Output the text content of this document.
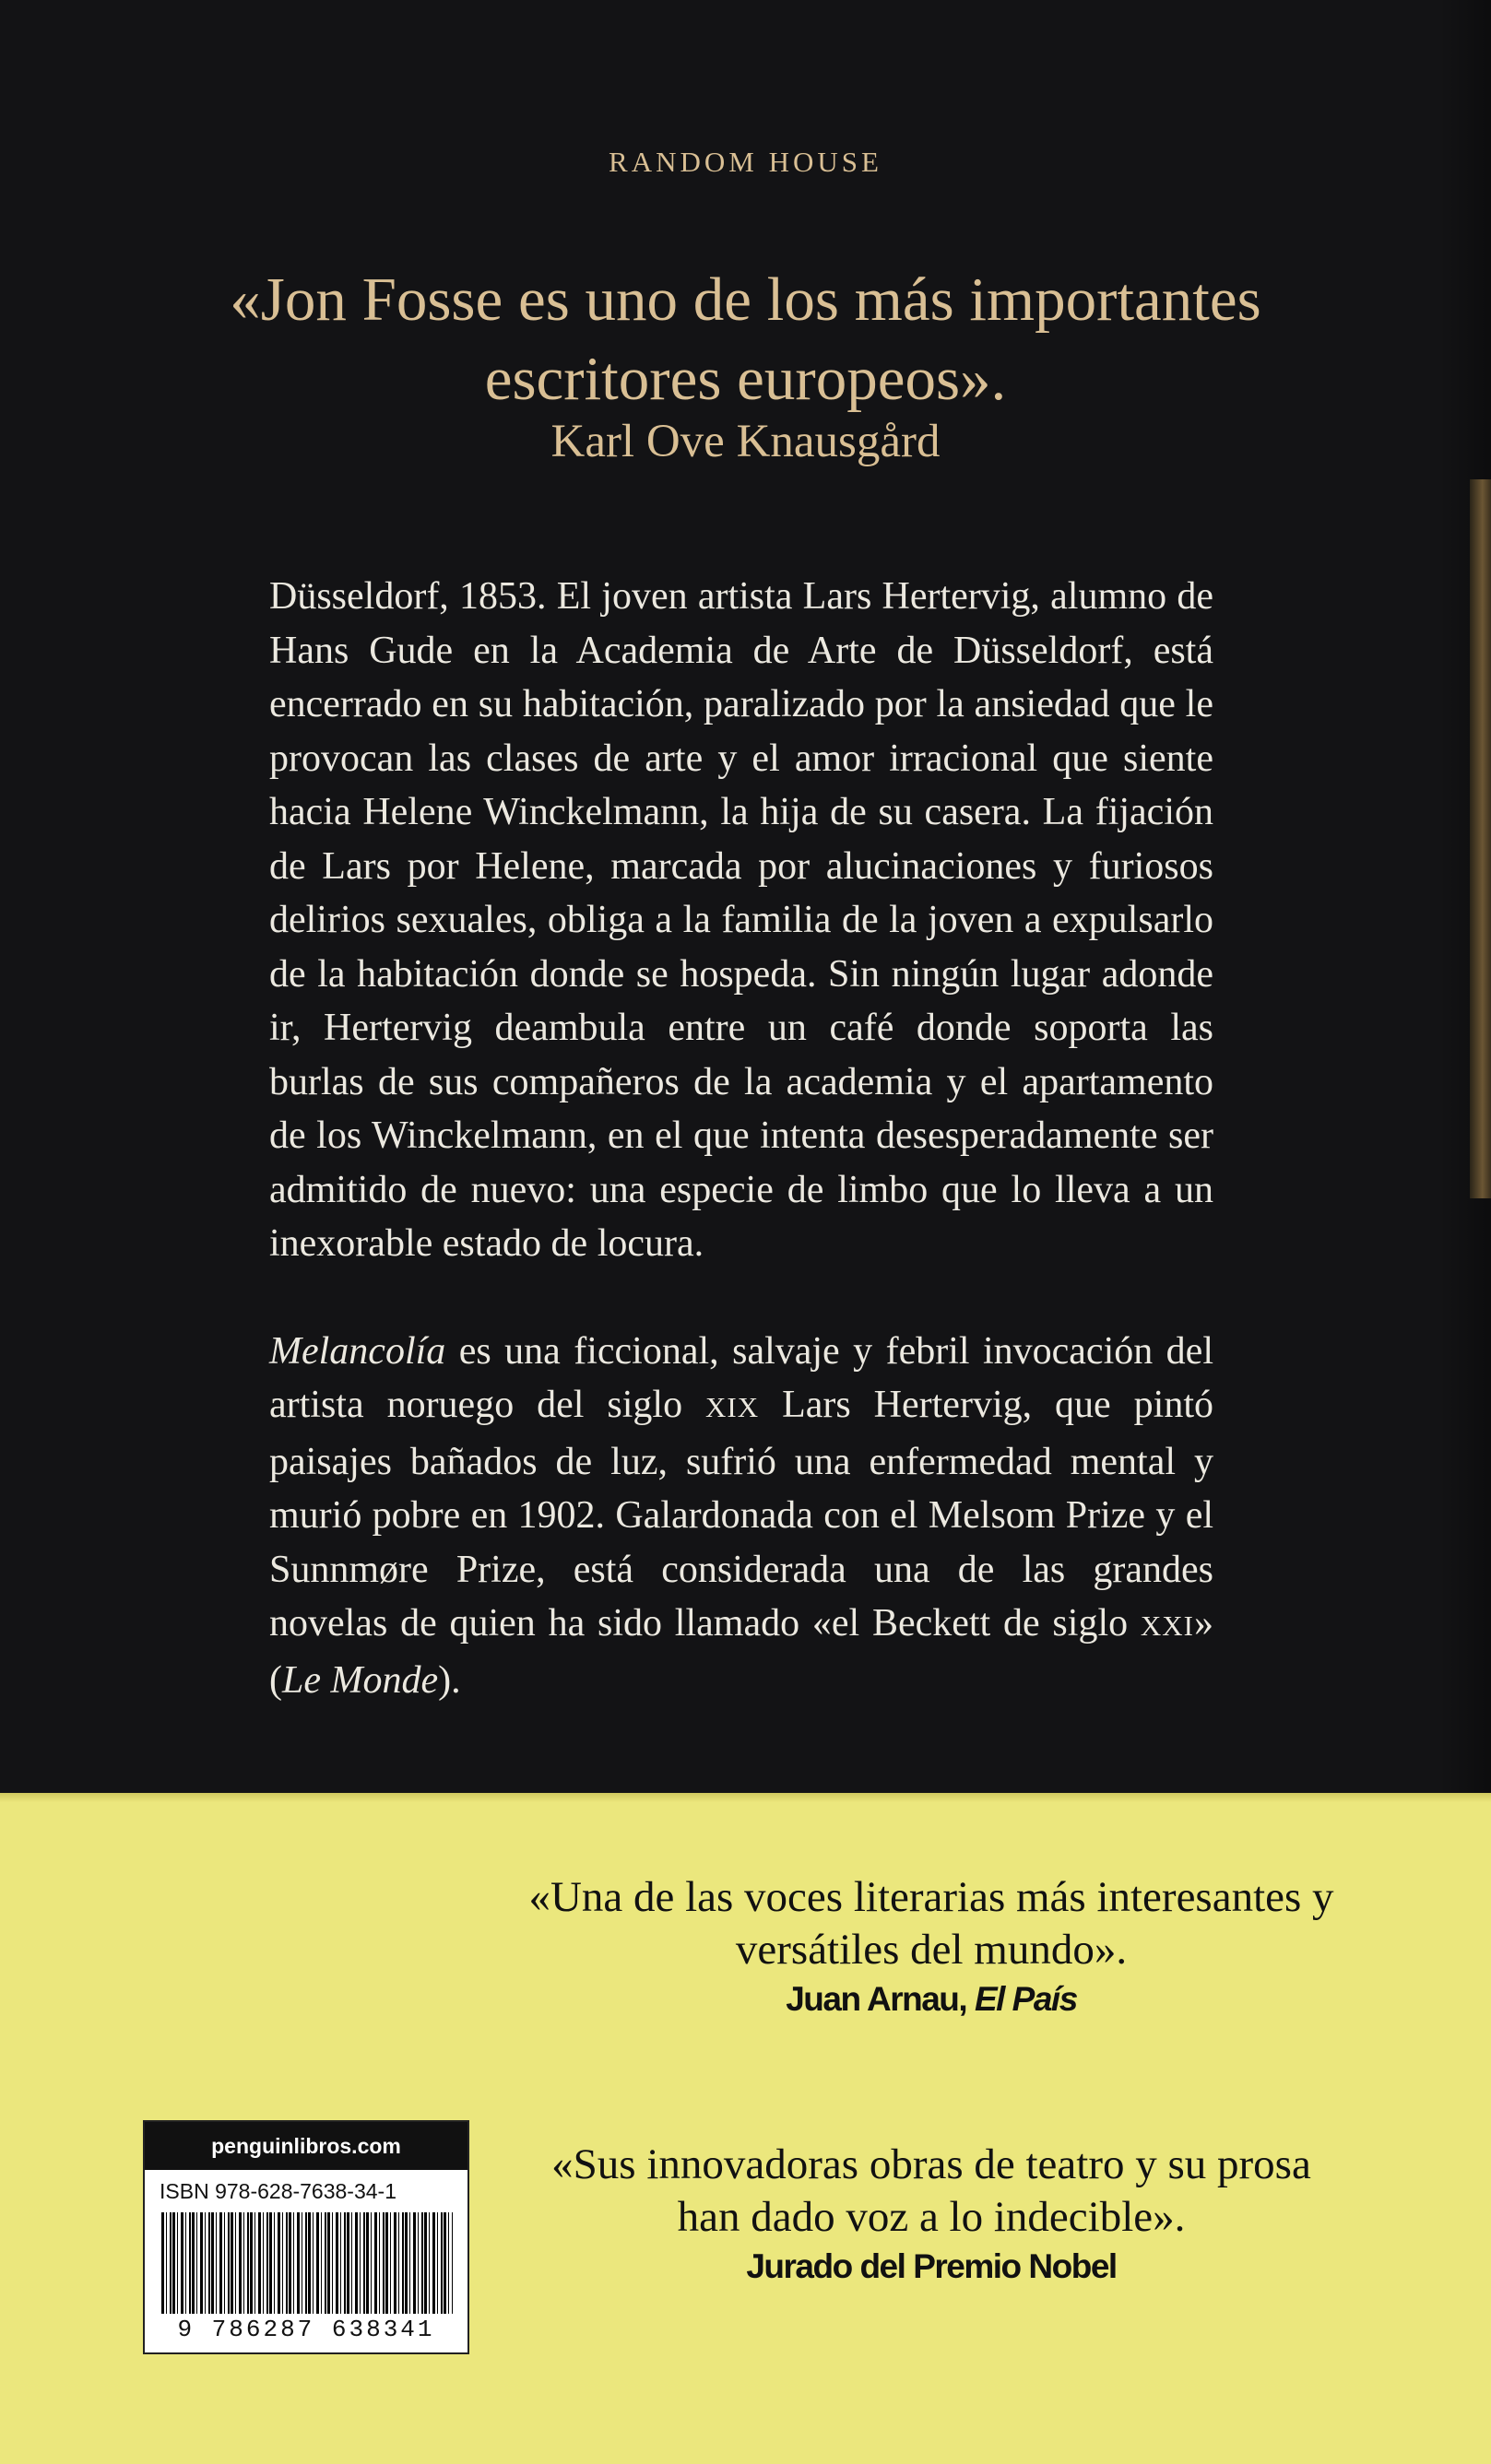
RANDOM HOUSE
«Jon Fosse es uno de los más importantes escritores europeos».
Karl Ove Knausgård

Düsseldorf, 1853. El joven artista Lars Hertervig, alumno de Hans Gude en la Academia de Arte de Düsseldorf, está encerrado en su habitación, paralizado por la ansiedad que le provocan las clases de arte y el amor irracional que siente hacia Helene Winckelmann, la hija de su casera. La fijación de Lars por Helene, marcada por alucinaciones y furiosos delirios sexuales, obliga a la familia de la joven a expulsarlo de la habitación donde se hospeda. Sin ningún lugar adonde ir, Hertervig deambula entre un café donde soporta las burlas de sus compañeros de la academia y el apartamento de los Winckelmann, en el que intenta desesperadamente ser admitido de nuevo: una especie de limbo que lo lleva a un inexorable estado de locura.

Melancolía es una ficcional, salvaje y febril invocación del artista noruego del siglo XIX Lars Hertervig, que pintó paisajes bañados de luz, sufrió una enfermedad mental y murió pobre en 1902. Galardonada con el Melsom Prize y el Sunnmøre Prize, está considerada una de las grandes novelas de quien ha sido llamado «el Beckett de siglo XXI» (Le Monde).

«Una de las voces literarias más interesantes y versátiles del mundo».
Juan Arnau, El País
«Sus innovadoras obras de teatro y su prosa han dado voz a lo indecible».
Jurado del Premio Nobel
penguinlibros.com
ISBN 978-628-7638-34-1
9 786287 638341
